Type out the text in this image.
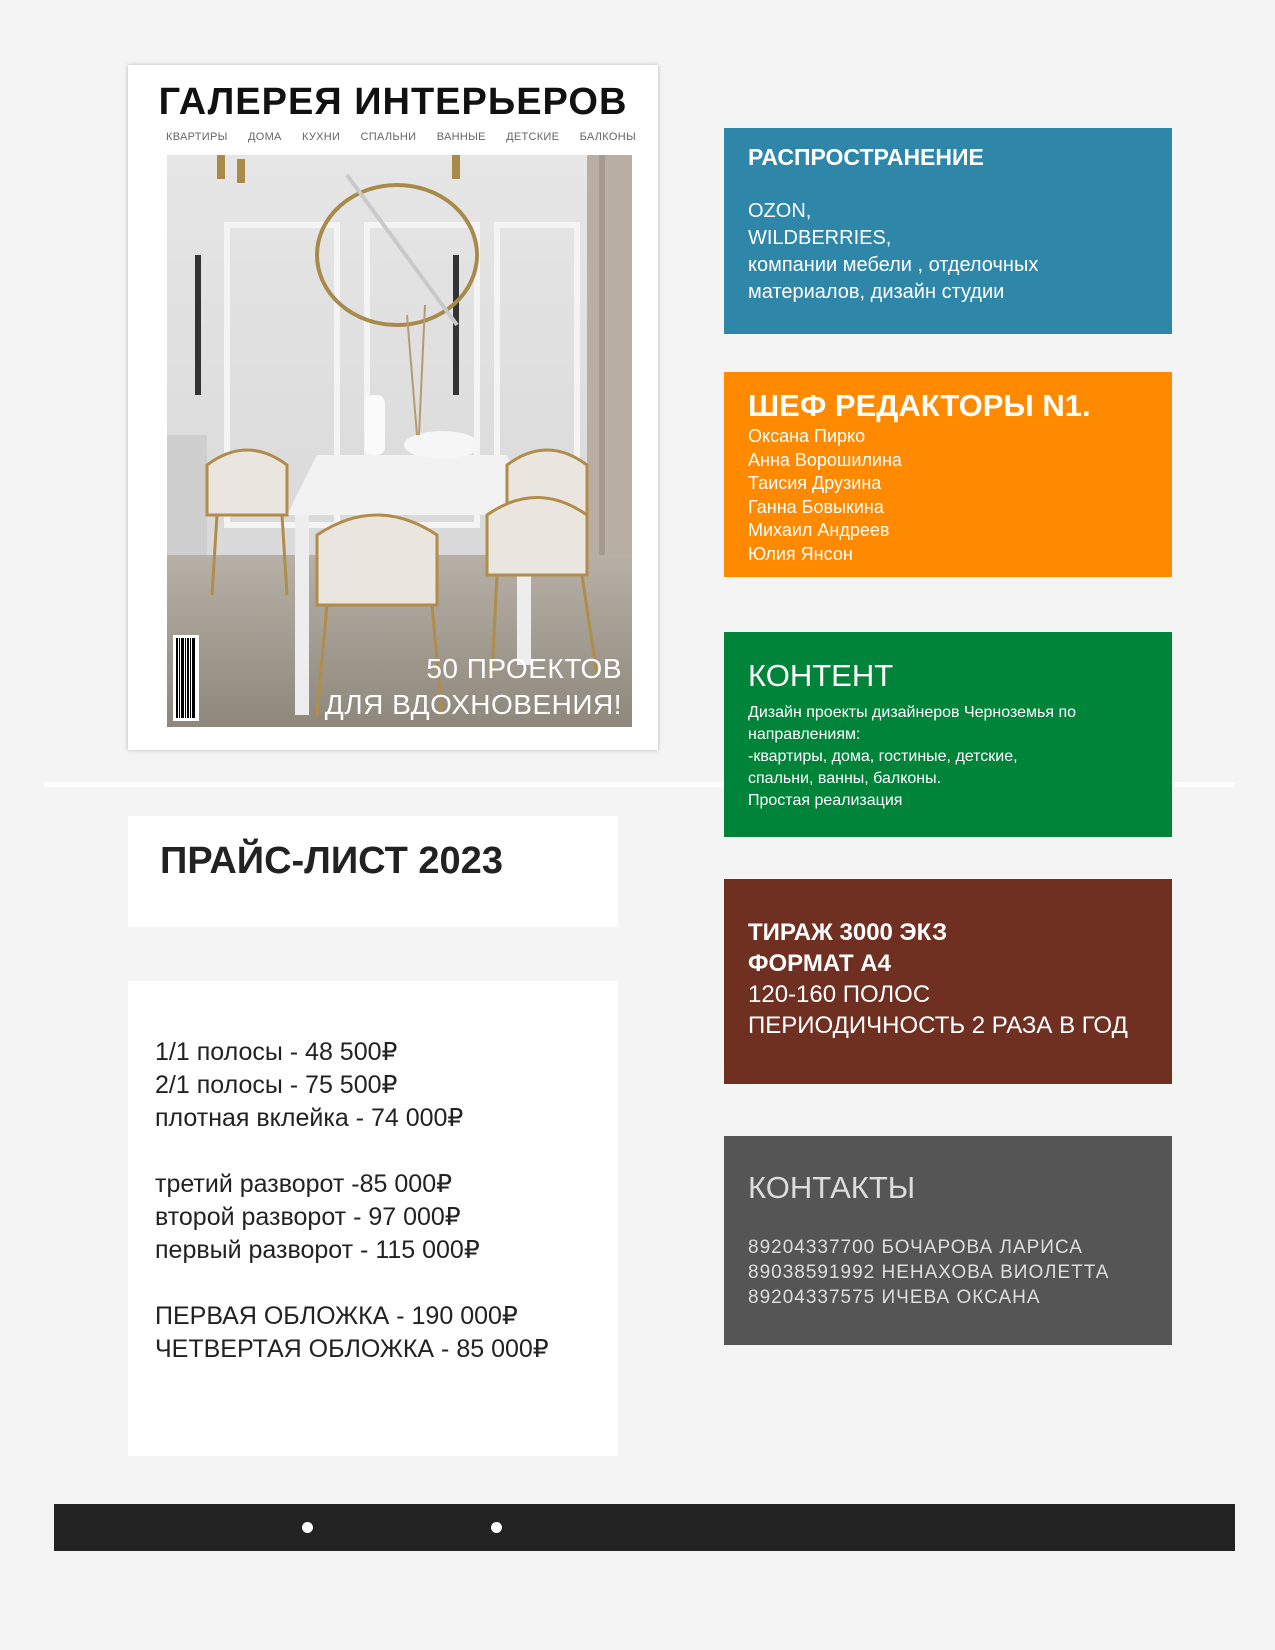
ГАЛЕРЕЯ ИНТЕРЬЕРОВ
КВАРТИРЫ ДОМА КУХНИ СПАЛЬНИ ВАННЫЕ ДЕТСКИЕ БАЛКОНЫ
50 ПРОЕКТОВ
ДЛЯ ВДОХНОВЕНИЯ!
РАСПРОСТРАНЕНИЕ
OZON,
WILDBERRIES,
компании мебели , отделочных
материалов, дизайн студии
ШЕФ РЕДАКТОРЫ N1.
Оксана Пирко
Анна Ворошилина
Таисия Друзина
Ганна Бовыкина
Михаил Андреев
Юлия Янсон
КОНТЕНТ
Дизайн проекты дизайнеров Черноземья по
направлениям:
-квартиры, дома, гостиные, детские,
спальни, ванны, балконы.
Простая реализация
ТИРАЖ 3000 ЭКЗ
ФОРМАТ А4
120-160 ПОЛОС
ПЕРИОДИЧНОСТЬ 2 РАЗА В ГОД
КОНТАКТЫ
89204337700 БОЧАРОВА ЛАРИСА
89038591992 НЕНАХОВА ВИОЛЕТТА
89204337575 ИЧЕВА ОКСАНА
ПРАЙС-ЛИСТ 2023
1/1 полосы - 48 500₽
2/1 полосы - 75 500₽
плотная вклейка - 74 000₽
третий разворот -85 000₽
второй разворот - 97 000₽
первый разворот - 115 000₽
ПЕРВАЯ ОБЛОЖКА - 190 000₽
ЧЕТВЕРТАЯ ОБЛОЖКА - 85 000₽
